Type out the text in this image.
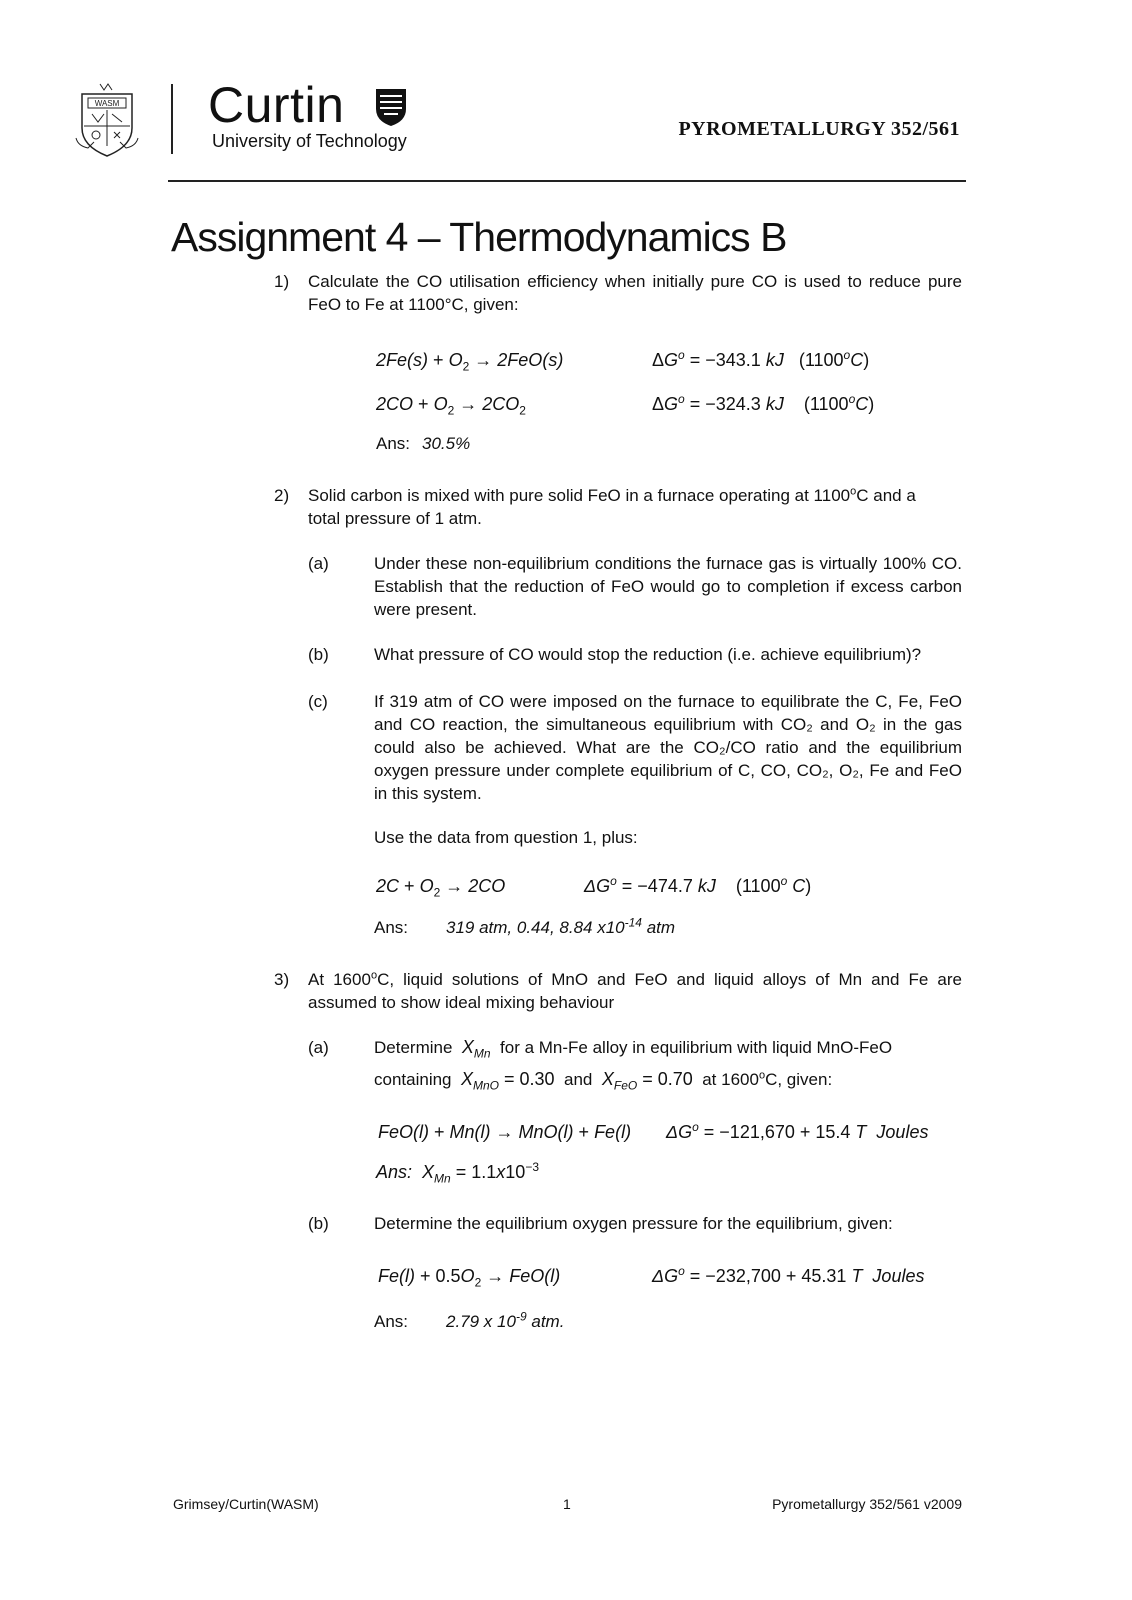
WASM Curtin
University of Technology
PYROMETALLURGY 352/561
Assignment 4 – Thermodynamics B
1) Calculate the CO utilisation efficiency when initially pure CO is used to reduce pure FeO to Fe at 1100°C, given:
$2Fe(s) + O_2 \to 2FeO(s)$	$\Delta G^o = -343.1$ kJ   (1100$^o$C)
$2CO + O_2 \to 2CO_2$	$\Delta G^o = -324.3$ kJ    (1100$^o$C)
Ans: 30.5%
2) Solid carbon is mixed with pure solid FeO in a furnace operating at 1100$^o$C and a
total pressure of 1 atm.
(a)	Under these non-equilibrium conditions the furnace gas is virtually 100% CO. Establish that the reduction of FeO would go to completion if excess carbon were present.
(b)	What pressure of CO would stop the reduction (i.e. achieve equilibrium)?
(c)	If 319 atm of CO were imposed on the furnace to equilibrate the C, Fe, FeO and CO reaction, the simultaneous equilibrium with CO₂ and O₂ in the gas could also be achieved. What are the CO₂/CO ratio and the equilibrium oxygen pressure under complete equilibrium of C, CO, CO₂, O₂, Fe and FeO in this system.
Use the data from question 1, plus:
$2C + O_2 \to 2CO$	$\Delta G^o = -474.7$ kJ    (1100$^o$ C)
Ans: 319 atm, 0.44, 8.84 $x10^{-14}$ atm
3) At 1600$^o$C, liquid solutions of MnO and FeO and liquid alloys of Mn and Fe are assumed to show ideal mixing behaviour
(a)	Determine $X_{Mn}$ for a Mn-Fe alloy in equilibrium with liquid MnO-FeO
containing $X_{MnO} = 0.30$ and $X_{FeO} = 0.70$ at 1600$^o$C, given:
FeO(l) + Mn(l) → MnO(l) + Fe(l) $\Delta G^o = -121,670 + 15.4$ T  Joules
Ans:  $X_{Mn} = 1.1x10^{-3}$
(b)	Determine the equilibrium oxygen pressure for the equilibrium, given:
$Fe(l) + 0.5O_2 \to FeO(l)$	$\Delta G^o = -232,700 + 45.31$ T  Joules
Ans: 2.79 x $10^{-9}$ atm.
Grimsey/Curtin(WASM)	1	Pyrometallurgy 352/561 v2009
